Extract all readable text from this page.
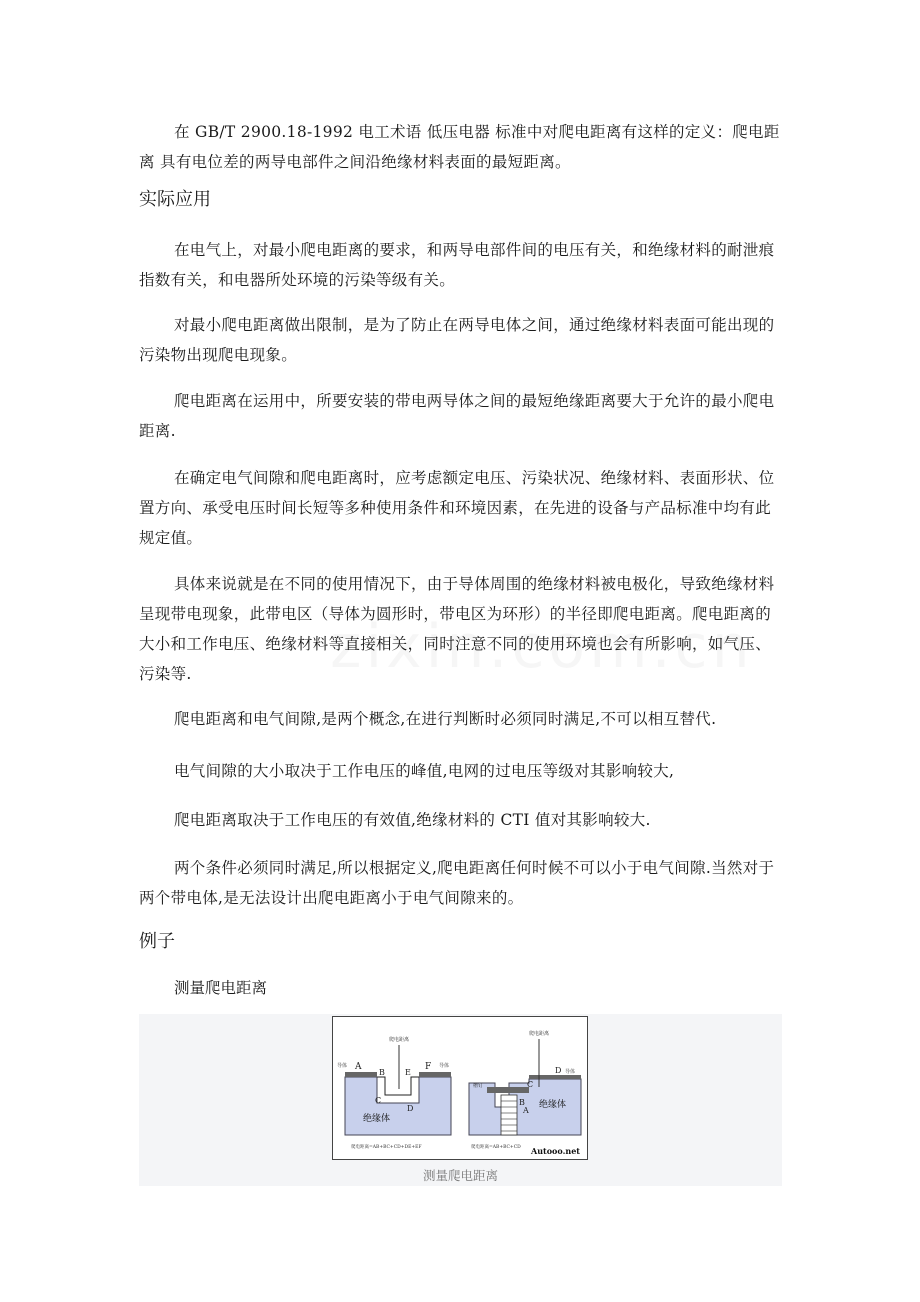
在 GB/T 2900.18-1992 电工术语 低压电器 标准中对爬电距离有这样的定义：爬电距离 具有电位差的两导电部件之间沿绝缘材料表面的最短距离。

实际应用

在电气上，对最小爬电距离的要求，和两导电部件间的电压有关，和绝缘材料的耐泄痕指数有关，和电器所处环境的污染等级有关。

对最小爬电距离做出限制，是为了防止在两导电体之间，通过绝缘材料表面可能出现的污染物出现爬电现象。

爬电距离在运用中，所要安装的带电两导体之间的最短绝缘距离要大于允许的最小爬电距离.

在确定电气间隙和爬电距离时，应考虑额定电压、污染状况、绝缘材料、表面形状、位置方向、承受电压时间长短等多种使用条件和环境因素，在先进的设备与产品标准中均有此规定值。

具体来说就是在不同的使用情况下，由于导体周围的绝缘材料被电极化，导致绝缘材料呈现带电现象，此带电区（导体为圆形时，带电区为环形）的半径即爬电距离。爬电距离的大小和工作电压、绝缘材料等直接相关，同时注意不同的使用环境也会有所影响，如气压、污染等.

爬电距离和电气间隙,是两个概念,在进行判断时必须同时满足,不可以相互替代.

电气间隙的大小取决于工作电压的峰值,电网的过电压等级对其影响较大,

爬电距离取决于工作电压的有效值,绝缘材料的 CTI 值对其影响较大.

两个条件必须同时满足,所以根据定义,爬电距离任何时候不可以小于电气间隙.当然对于两个带电体,是无法设计出爬电距离小于电气间隙来的。

例子

测量爬电距离

爬电距离
导体	导体
A
B
C
D
E
F
绝缘体
爬电距离=AB+BC+CD+DE+EF
爬电距离
槽钉
导体
A
B
C
D
绝缘体
爬电距离=AB+BC+CD Autooo.net
测量爬电距离
